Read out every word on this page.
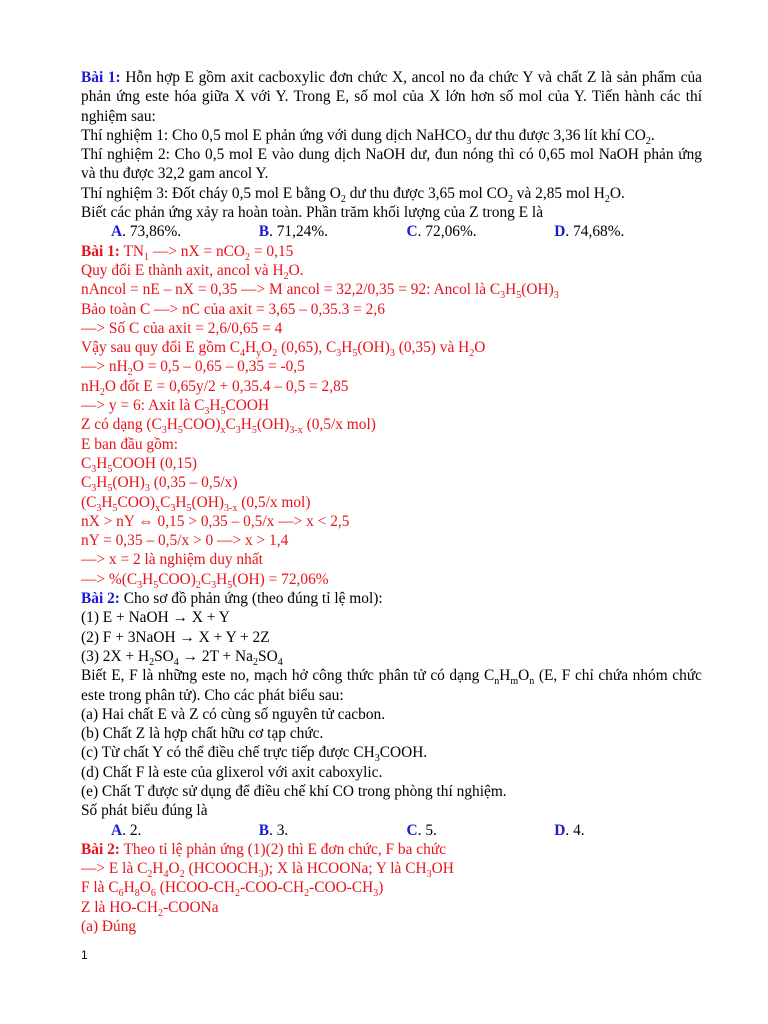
Bài 1: Hỗn hợp E gồm axit cacboxylic đơn chức X, ancol no đa chức Y và chất Z là sản phẩm của phản ứng este hóa giữa X với Y. Trong E, số mol của X lớn hơn số mol của Y. Tiến hành các thí nghiệm sau:
Thí nghiệm 1: Cho 0,5 mol E phản ứng với dung dịch NaHCO$_3$ dư thu được 3,36 lít khí $CO_2$.
Thí nghiệm 2: Cho 0,5 mol E vào dung dịch NaOH dư, đun nóng thì có 0,65 mol NaOH phản ứng và thu được 32,2 gam ancol Y.
Thí nghiệm 3: Đốt cháy 0,5 mol E bằng $O_2$ dư thu được 3,65 mol $CO_2$ và 2,85 mol $H_2O$.
Biết các phản ứng xảy ra hoàn toàn. Phần trăm khối lượng của Z trong E là
A. 73,86%.	B. 71,24%.	C. 72,06%.	D. 74,68%.
Bài 1: $TN_1$ —> nX = nCO$_2$ = 0,15
Quy đổi E thành axit, ancol và $H_2O$.
nAncol = nE – nX = 0,35 —> M ancol = 32,2/0,35 = 92: Ancol là $C_3H_5(OH)_3$
Bảo toàn C —> nC của axit = 3,65 – 0,35.3 = 2,6
—> Số C của axit = 2,6/0,65 = 4
Vậy sau quy đổi E gồm $C_4H_yO_2$ (0,65), $C_3H_5(OH)_3$ (0,35) và $H_2O$
—> $nH_2O = 0,5 - 0,65 - 0,35 = -0,5$
$nH_2O$ đốt E = 0,65y/2 + 0,35.4 – 0,5 = 2,85
—> y = 6: Axit là $C_3H_5COOH$
Z có dạng $(C_3H_5COO)_xC_3H_5(OH)_{3-x}$ (0,5/x mol)
E ban đầu gồm:
$C_3H_5COOH$ (0,15)
$C_3H_5(OH)_3$ (0,35 – 0,5/x)
$(C_3H_5COO)_xC_3H_5(OH)_{3-x}$ (0,5/x mol)
nX > nY ⇔ 0,15 > 0,35 – 0,5/x —> x < 2,5
nY = 0,35 – 0,5/x > 0 —> x > 1,4
—> x = 2 là nghiệm duy nhất
—> $\%(C_3H_5COO)_2C_3H_5(OH) = 72,06\%$
Bài 2: Cho sơ đồ phản ứng (theo đúng tỉ lệ mol):
(1) E + NaOH → X + Y
(2) F + 3NaOH → X + Y + 2Z
(3) $2X + H_2SO_4 \to 2T + Na_2SO_4$
Biết E, F là những este no, mạch hở công thức phân tử có dạng $C_nH_mO_n$ (E, F chỉ chứa nhóm chức este trong phân tử). Cho các phát biểu sau:
(a) Hai chất E và Z có cùng số nguyên tử cacbon.
(b) Chất Z là hợp chất hữu cơ tạp chức.
(c) Từ chất Y có thể điều chế trực tiếp được $CH_3COOH$.
(d) Chất F là este của glixerol với axit caboxylic.
(e) Chất T được sử dụng để điều chế khí CO trong phòng thí nghiệm.
Số phát biểu đúng là
A. 2.	B. 3.	C. 5.	D. 4.
Bài 2: Theo tỉ lệ phản ứng (1)(2) thì E đơn chức, F ba chức
—> E là $C_2H_4O_2$ $(HCOOCH_3)$; X là HCOONa; Y là $CH_3OH$
F là $C_6H_8O_6$ $(HCOO-CH_2-COO-CH_2-COO-CH_3)$
Z là $HO-CH_2$-COONa
(a) Đúng
1
